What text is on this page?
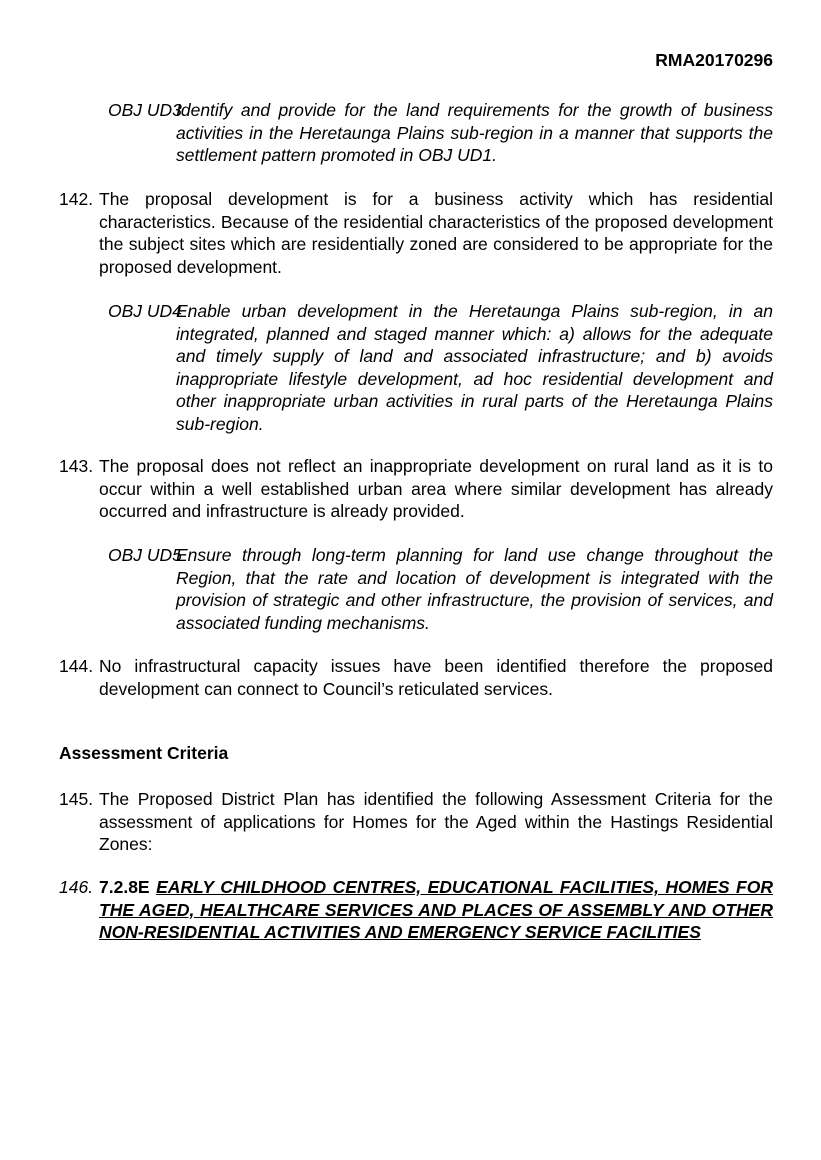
RMA20170296
OBJ UD3
Identify and provide for the land requirements for the growth of business activities in the Heretaunga Plains sub-region in a manner that supports the settlement pattern promoted in OBJ UD1.
142. The proposal development is for a business activity which has residential characteristics. Because of the residential characteristics of the proposed development the subject sites which are residentially zoned are considered to be appropriate for the proposed development.
OBJ UD4
Enable urban development in the Heretaunga Plains sub-region, in an integrated, planned and staged manner which: a) allows for the adequate and timely supply of land and associated infrastructure; and b) avoids inappropriate lifestyle development, ad hoc residential development and other inappropriate urban activities in rural parts of the Heretaunga Plains sub-region.
143. The proposal does not reflect an inappropriate development on rural land as it is to occur within a well established urban area where similar development has already occurred and infrastructure is already provided.
OBJ UD5
Ensure through long-term planning for land use change throughout the Region, that the rate and location of development is integrated with the provision of strategic and other infrastructure, the provision of services, and associated funding mechanisms.
144. No infrastructural capacity issues have been identified therefore the proposed development can connect to Council’s reticulated services.
Assessment Criteria
145. The Proposed District Plan has identified the following Assessment Criteria for the assessment of applications for Homes for the Aged within the Hastings Residential Zones:
146. 7.2.8E EARLY CHILDHOOD CENTRES, EDUCATIONAL FACILITIES, HOMES FOR THE AGED, HEALTHCARE SERVICES AND PLACES OF ASSEMBLY AND OTHER NON-RESIDENTIAL ACTIVITIES AND EMERGENCY SERVICE FACILITIES
